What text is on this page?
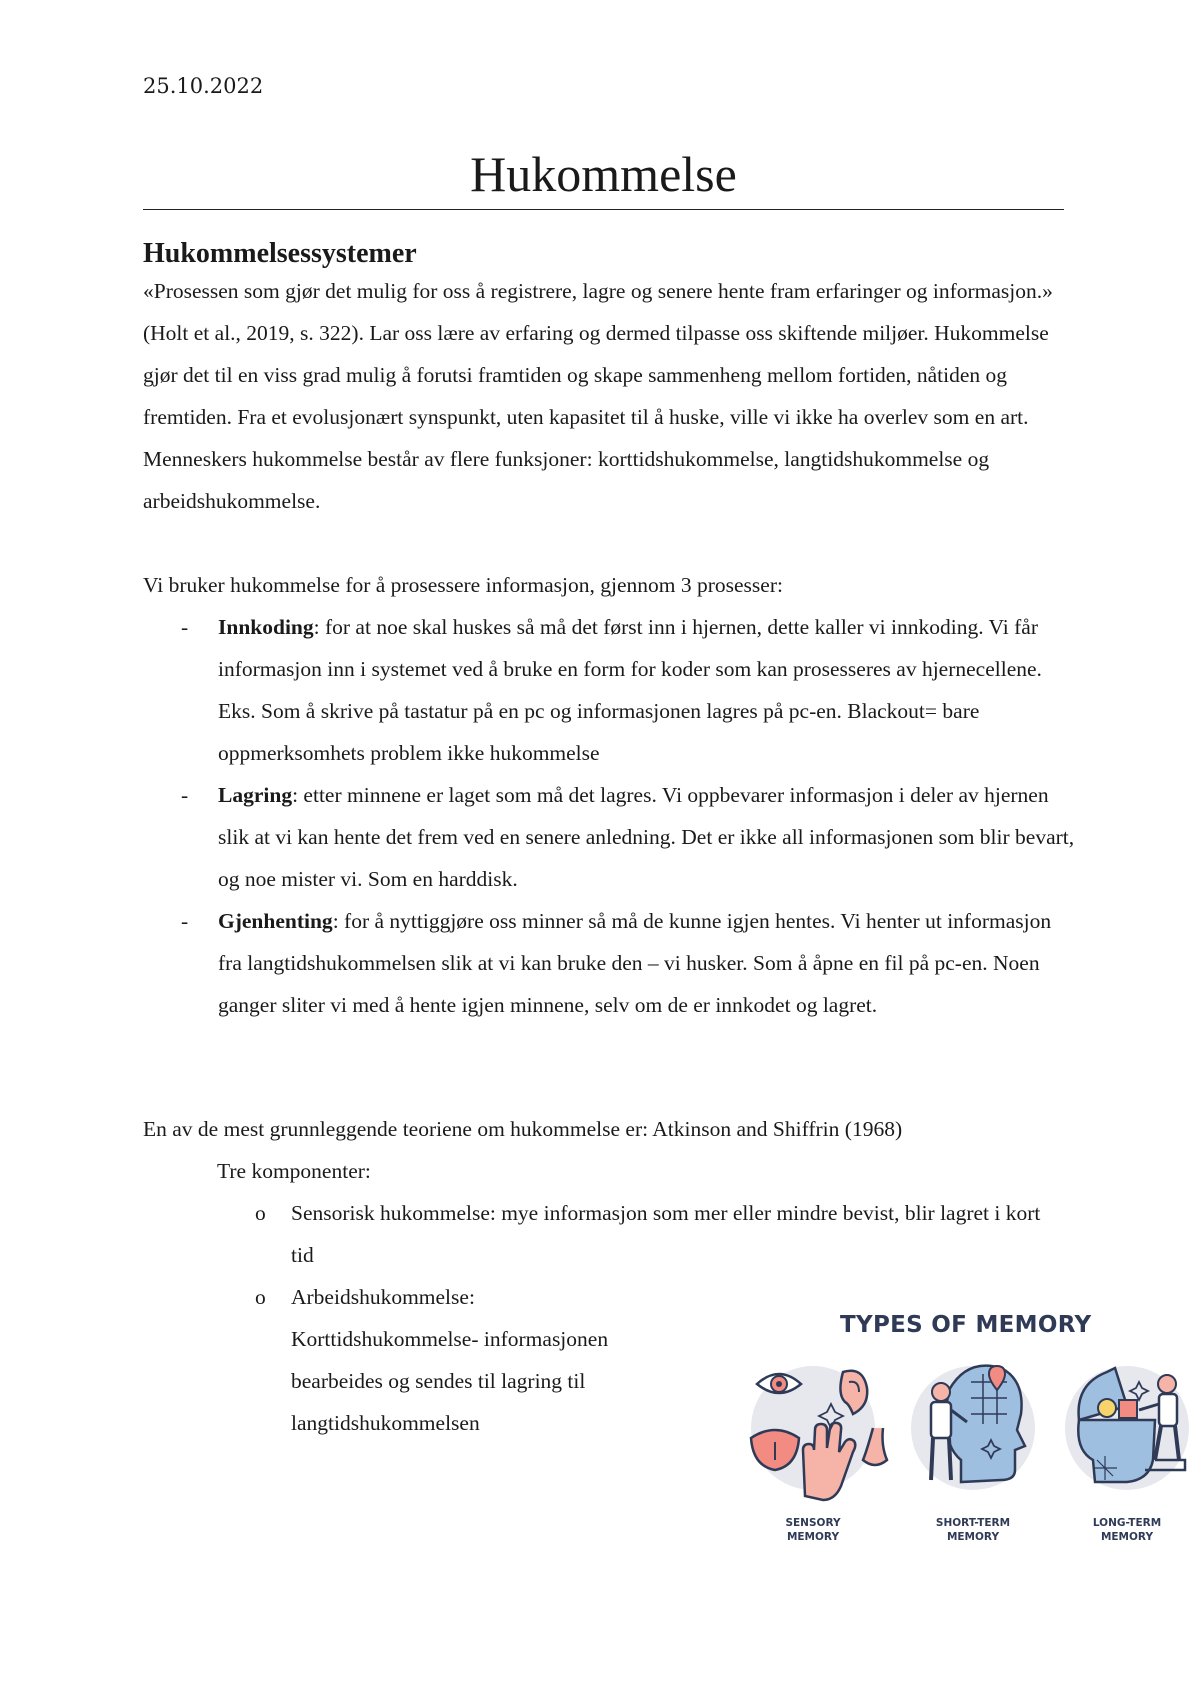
25.10.2022
Hukommelse
Hukommelsessystemer
«Prosessen som gjør det mulig for oss å registrere, lagre og senere hente fram erfaringer og informasjon.» (Holt et al., 2019, s. 322). Lar oss lære av erfaring og dermed tilpasse oss skiftende miljøer. Hukommelse gjør det til en viss grad mulig å forutsi framtiden og skape sammenheng mellom fortiden, nåtiden og fremtiden. Fra et evolusjonært synspunkt, uten kapasitet til å huske, ville vi ikke ha overlev som en art. Menneskers hukommelse består av flere funksjoner: korttidshukommelse, langtidshukommelse og arbeidshukommelse.
Vi bruker hukommelse for å prosessere informasjon, gjennom 3 prosesser:
- Innkoding: for at noe skal huskes så må det først inn i hjernen, dette kaller vi innkoding. Vi får informasjon inn i systemet ved å bruke en form for koder som kan prosesseres av hjernecellene. Eks. Som å skrive på tastatur på en pc og informasjonen lagres på pc-en. Blackout= bare oppmerksomhets problem ikke hukommelse
- Lagring: etter minnene er laget som må det lagres. Vi oppbevarer informasjon i deler av hjernen slik at vi kan hente det frem ved en senere anledning. Det er ikke all informasjonen som blir bevart, og noe mister vi. Som en harddisk.
- Gjenhenting: for å nyttiggjøre oss minner så må de kunne igjen hentes. Vi henter ut informasjon fra langtidshukommelsen slik at vi kan bruke den – vi husker. Som å åpne en fil på pc-en. Noen ganger sliter vi med å hente igjen minnene, selv om de er innkodet og lagret.
En av de mest grunnleggende teoriene om hukommelse er: Atkinson and Shiffrin (1968)
Tre komponenter:
o Sensorisk hukommelse: mye informasjon som mer eller mindre bevist, blir lagret i kort tid
o Arbeidshukommelse:
Korttidshukommelse- informasjonen bearbeides og sendes til lagring til langtidshukommelsen
TYPES OF MEMORY
SENSORY
MEMORY
SHORT-TERM
MEMORY
LONG-TERM
MEMORY
